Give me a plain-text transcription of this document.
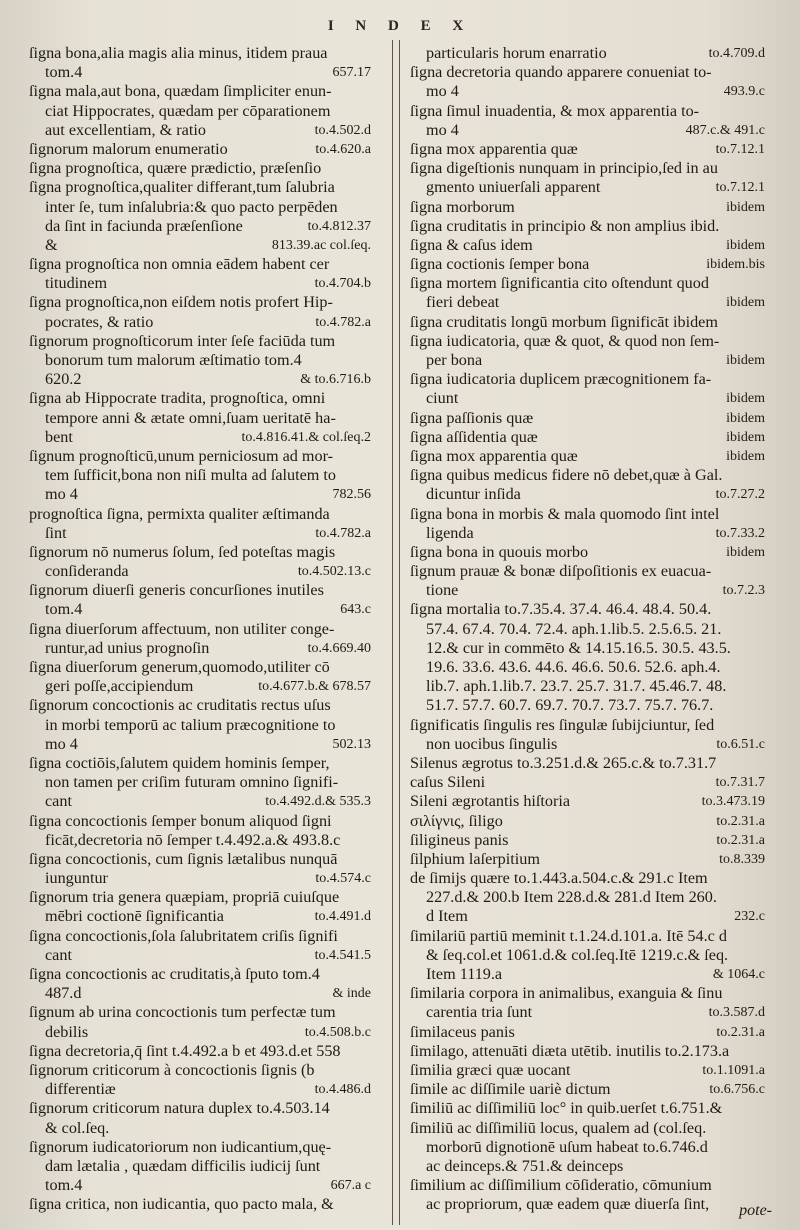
I N D E X
ſigna bona,alia magis alia minus, itidem praua
tom.4	657.17
ſigna mala,aut bona, quædam ſimpliciter enun-
ciat Hippocrates, quædam per cōparationem
aut excellentiam, & ratio	to.4.502.d
ſignorum malorum enumeratio	to.4.620.a
ſigna prognoſtica, quære prædictio, præſenſio
ſigna prognoſtica,qualiter differant,tum ſalubria
inter ſe, tum inſalubria:& quo pacto perpēden
da ſint in faciunda præſenſione	to.4.812.37
&	813.39.ac col.ſeq.
ſigna prognoſtica non omnia eādem habent cer
titudinem	to.4.704.b
ſigna prognoſtica,non eiſdem notis profert Hip-
pocrates, & ratio	to.4.782.a
ſignorum prognoſticorum inter ſeſe faciūda tum
bonorum tum malorum æſtimatio tom.4
620.2	& to.6.716.b
ſigna ab Hippocrate tradita, prognoſtica, omni
tempore anni & ætate omni,ſuam ueritatē ha-
bent	to.4.816.41.& col.ſeq.2
ſignum prognoſticū,unum perniciosum ad mor-
tem ſufficit,bona non niſi multa ad ſalutem to
mo 4	782.56
prognoſtica ſigna, permixta qualiter æſtimanda
ſint	to.4.782.a
ſignorum nō numerus ſolum, ſed poteſtas magis
conſideranda	to.4.502.13.c
ſignorum diuerſi generis concurſiones inutiles
tom.4	643.c
ſigna diuerſorum affectuum, non utiliter conge-
runtur,ad unius prognoſin	to.4.669.40
ſigna diuerſorum generum,quomodo,utiliter cō
geri poſſe,accipiendum	to.4.677.b.& 678.57
ſignorum concoctionis ac cruditatis rectus uſus
in morbi temporū ac talium præcognitione to
mo 4	502.13
ſigna coctiōis,ſalutem quidem hominis ſemper,
non tamen per criſim futuram omnino ſignifi-
cant	to.4.492.d.& 535.3
ſigna concoctionis ſemper bonum aliquod ſigni
ficāt,decretoria nō ſemper t.4.492.a.& 493.8.c
ſigna concoctionis, cum ſignis lætalibus nunquā
iunguntur	to.4.574.c
ſignorum tria genera quæpiam, propriā cuiuſque
mēbri coctionē ſignificantia	to.4.491.d
ſigna concoctionis,ſola ſalubritatem criſis ſignifi
cant	to.4.541.5
ſigna concoctionis ac cruditatis,à ſputo tom.4
487.d	& inde
ſignum ab urina concoctionis tum perfectæ tum
debilis	to.4.508.b.c
ſigna decretoria,q̄ ſint t.4.492.a b et 493.d.et 558
ſignorum criticorum à concoctionis ſignis (b
differentiæ	to.4.486.d
ſignorum criticorum natura duplex to.4.503.14
& col.ſeq.
ſignorum iudicatoriorum non iudicantium,quę-
dam lætalia , quædam difficilis iudicij ſunt
tom.4	667.a c
ſigna critica, non iudicantia, quo pacto mala, &
particularis horum enarratio	to.4.709.d
ſigna decretoria quando apparere conueniat to-
mo 4	493.9.c
ſigna ſimul inuadentia, & mox apparentia to-
mo 4	487.c.& 491.c
ſigna mox apparentia quæ	to.7.12.1
ſigna digeſtionis nunquam in principio,ſed in au
gmento uniuerſali apparent	to.7.12.1
ſigna morborum	ibidem
ſigna cruditatis in principio & non amplius ibid.
ſigna & caſus idem	ibidem
ſigna coctionis ſemper bona	ibidem.bis
ſigna mortem ſignificantia cito oſtendunt quod
fieri debeat	ibidem
ſigna cruditatis longū morbum ſignificāt ibidem
ſigna iudicatoria, quæ & quot, & quod non ſem-
per bona	ibidem
ſigna iudicatoria duplicem præcognitionem fa-
ciunt	ibidem
ſigna paſſionis quæ	ibidem
ſigna aſſidentia quæ	ibidem
ſigna mox apparentia quæ	ibidem
ſigna quibus medicus fidere nō debet,quæ à Gal.
dicuntur inſida	to.7.27.2
ſigna bona in morbis & mala quomodo ſint intel
ligenda	to.7.33.2
ſigna bona in quouis morbo	ibidem
ſignum prauæ & bonæ diſpoſitionis ex euacua-
tione	to.7.2.3
ſigna mortalia to.7.35.4. 37.4. 46.4. 48.4. 50.4.
57.4. 67.4. 70.4. 72.4. aph.1.lib.5. 2.5.6.5. 21.
12.& cur in commēto & 14.15.16.5. 30.5. 43.5.
19.6. 33.6. 43.6. 44.6. 46.6. 50.6. 52.6. aph.4.
lib.7. aph.1.lib.7. 23.7. 25.7. 31.7. 45.46.7. 48.
51.7. 57.7. 60.7. 69.7. 70.7. 73.7. 75.7. 76.7.
ſignificatis ſingulis res ſingulæ ſubijciuntur, ſed
non uocibus ſingulis	to.6.51.c
Silenus ægrotus to.3.251.d.& 265.c.& to.7.31.7
caſus Sileni	to.7.31.7
Sileni ægrotantis hiſtoria	to.3.473.19
σιλίγνις, ſiligo	to.2.31.a
ſiligineus panis	to.2.31.a
ſilphium laſerpitium	to.8.339
de ſimijs quære to.1.443.a.504.c.& 291.c Item
227.d.& 200.b Item 228.d.& 281.d Item 260.
d Item	232.c
ſimilariū partiū meminit t.1.24.d.101.a. Itē 54.c d
& ſeq.col.et 1061.d.& col.ſeq.Itē 1219.c.& ſeq.
Item 1119.a	& 1064.c
ſimilaria corpora in animalibus, exanguia & ſinu
carentia tria ſunt	to.3.587.d
ſimilaceus panis	to.2.31.a
ſimilago, attenuāti diæta utētib. inutilis to.2.173.a
ſimilia græci quæ uocant	to.1.1091.a
ſimile ac diſſimile uariè dictum	to.6.756.c
ſimiliū ac diſſimiliū loc° in quib.uerſet t.6.751.&
ſimiliū ac diſſimiliū locus, qualem ad (col.ſeq.
morborū dignotionē uſum habeat to.6.746.d
ac deinceps.& 751.& deinceps
ſimilium ac diſſimilium cōſideratio, cōmunium
ac propriorum, quæ eadem quæ diuerſa ſint, pote-
